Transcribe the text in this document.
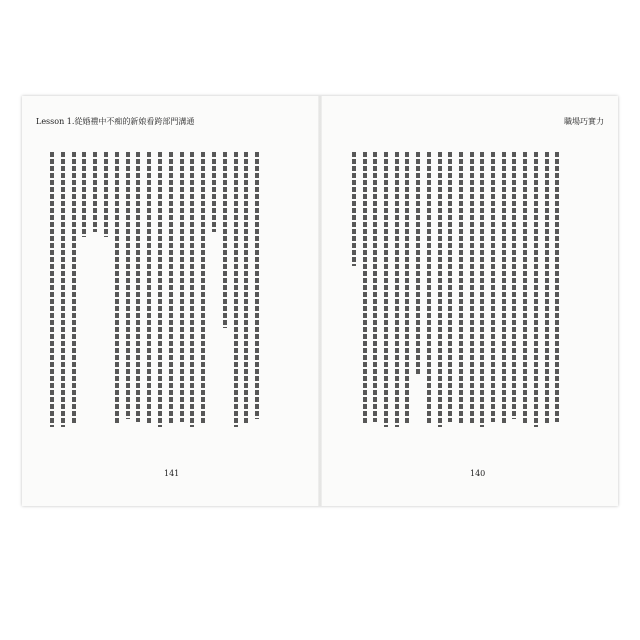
Lesson 1.從婚禮中不痴的新娘看跨部門溝通
141
職場巧實力
140
